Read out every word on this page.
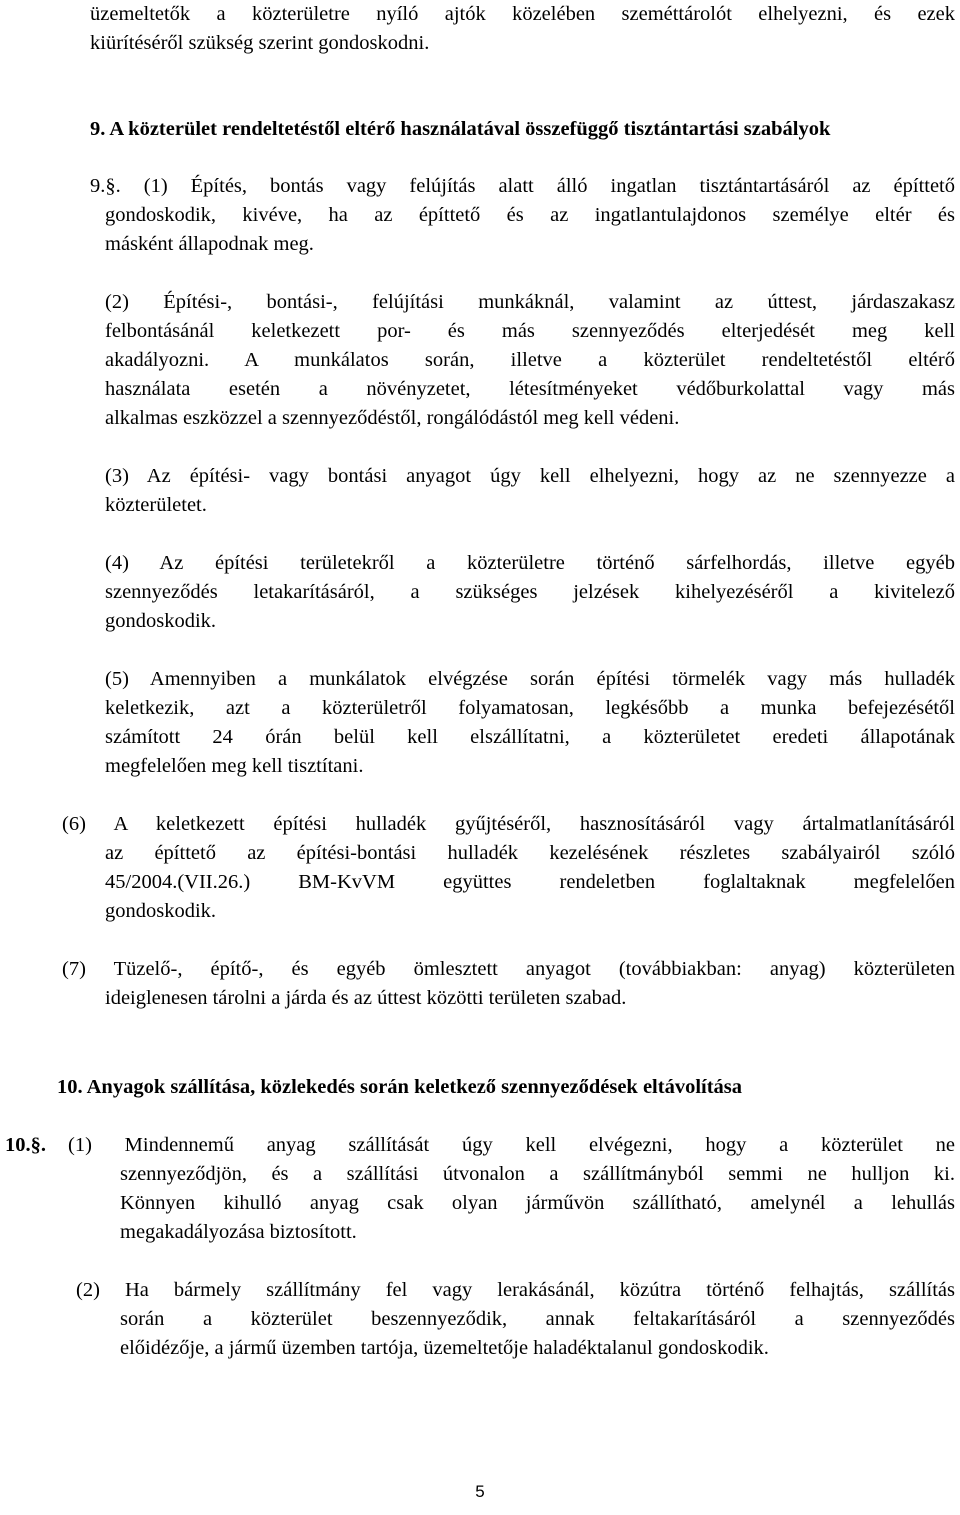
üzemeltetők a közterületre nyíló ajtók közelében szeméttárolót elhelyezni, és ezek
kiürítéséről szükség szerint gondoskodni.
9. A közterület rendeltetéstől eltérő használatával összefüggő tisztántartási szabályok
9.§. (1) Építés, bontás vagy felújítás alatt álló ingatlan tisztántartásáról az építtető
gondoskodik, kivéve, ha az építtető és az ingatlantulajdonos személye eltér és
másként állapodnak meg.
(2) Építési-, bontási-, felújítási munkáknál, valamint az úttest, járdaszakasz
felbontásánál keletkezett por- és más szennyeződés elterjedését meg kell
akadályozni. A munkálatos során, illetve a közterület rendeltetéstől eltérő
használata esetén a növényzetet, létesítményeket védőburkolattal vagy más
alkalmas eszközzel a szennyeződéstől, rongálódástól meg kell védeni.
(3) Az építési- vagy bontási anyagot úgy kell elhelyezni, hogy az ne szennyezze a
közterületet.
(4) Az építési területekről a közterületre történő sárfelhordás, illetve egyéb
szennyeződés letakarításáról, a szükséges jelzések kihelyezéséről a kivitelező
gondoskodik.
(5) Amennyiben a munkálatok elvégzése során építési törmelék vagy más hulladék
keletkezik, azt a közterületről folyamatosan, legkésőbb a munka befejezésétől
számított 24 órán belül kell elszállítatni, a közterületet eredeti állapotának
megfelelően meg kell tisztítani.
(6) A keletkezett építési hulladék gyűjtéséről, hasznosításáról vagy ártalmatlanításáról
az építtető az építési-bontási hulladék kezelésének részletes szabályairól szóló
45/2004.(VII.26.) BM-KvVM együttes rendeletben foglaltaknak megfelelően
gondoskodik.
(7) Tüzelő-, építő-, és egyéb ömlesztett anyagot (továbbiakban: anyag) közterületen
ideiglenesen tárolni a járda és az úttest közötti területen szabad.
10. Anyagok szállítása, közlekedés során keletkező szennyeződések eltávolítása
10.§. (1) Mindennemű anyag szállítását úgy kell elvégezni, hogy a közterület ne
szennyeződjön, és a szállítási útvonalon a szállítmányból semmi ne hulljon ki.
Könnyen kihulló anyag csak olyan járművön szállítható, amelynél a lehullás
megakadályozása biztosított.
(2) Ha bármely szállítmány fel vagy lerakásánál, közútra történő felhajtás, szállítás
során a közterület beszennyeződik, annak feltakarításáról a szennyeződés
előidézője, a jármű üzemben tartója, üzemeltetője haladéktalanul gondoskodik.
5
